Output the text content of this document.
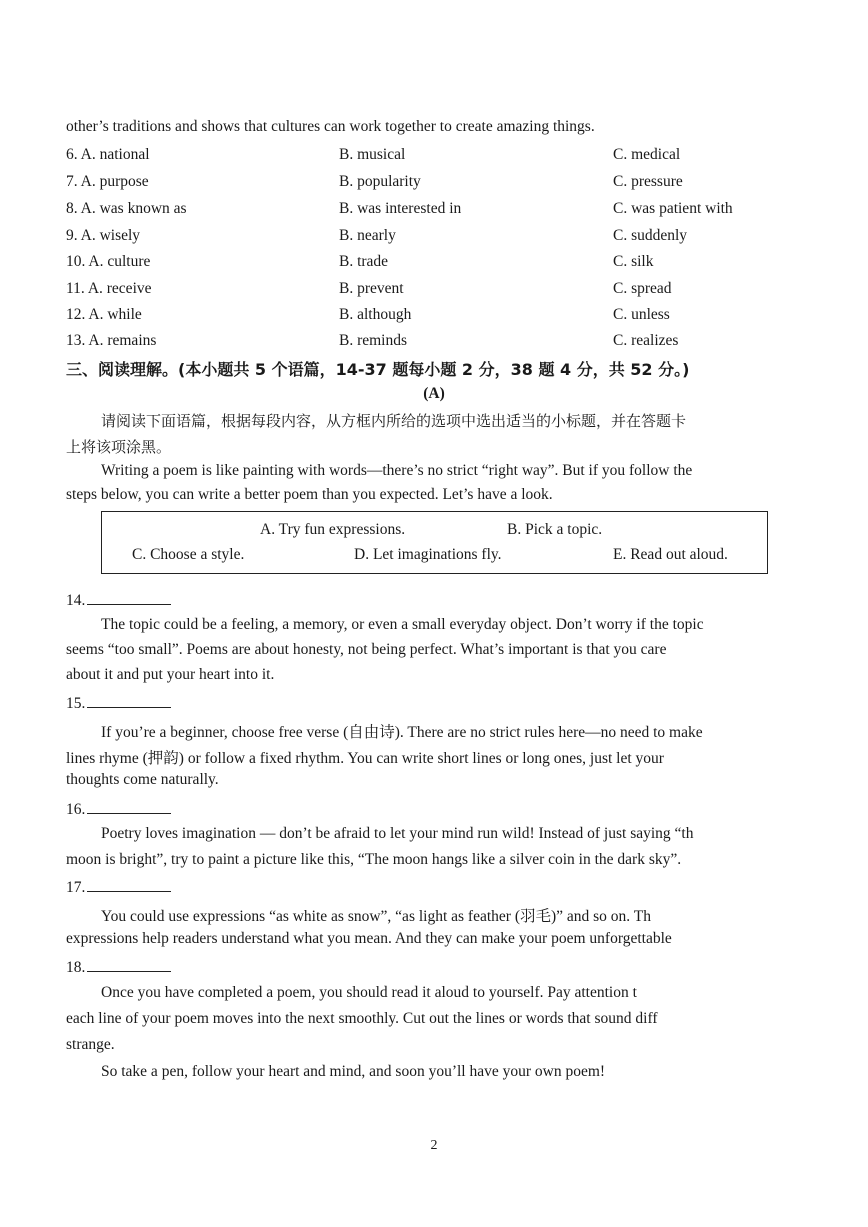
other’s traditions and shows that cultures can work together to create amazing things.
6. A. national	B. musical	C. medical
7. A. purpose	B. popularity	C. pressure
8. A. was known as	B. was interested in	C. was patient with
9. A. wisely	B. nearly	C. suddenly
10. A. culture	B. trade	C. silk
11. A. receive	B. prevent	C. spread
12. A. while	B. although	C. unless
13. A. remains	B. reminds	C. realizes
三、阅读理解。(本小题共 5 个语篇，14-37 题每小题 2 分，38 题 4 分，共 52 分。)
(A)
请阅读下面语篇，根据每段内容，从方框内所给的选项中选出适当的小标题，并在答题卡
上将该项涂黑。
Writing a poem is like painting with words—there’s no strict “right way”. But if you follow the
steps below, you can write a better poem than you expected. Let’s have a look.
A. Try fun expressions.	B. Pick a topic.
C. Choose a style.	D. Let imaginations fly.	E. Read out aloud.
14.
The topic could be a feeling, a memory, or even a small everyday object. Don’t worry if the topic
seems “too small”. Poems are about honesty, not being perfect. What’s important is that you care
about it and put your heart into it.
15.
If you’re a beginner, choose free verse (自由诗). There are no strict rules here—no need to make
lines rhyme (押韵) or follow a fixed rhythm. You can write short lines or long ones, just let your
thoughts come naturally.
16.
Poetry loves imagination — don’t be afraid to let your mind run wild! Instead of just saying “th
moon is bright”, try to paint a picture like this, “The moon hangs like a silver coin in the dark sky”.
17.
You could use expressions “as white as snow”, “as light as feather (羽毛)” and so on. Th
expressions help readers understand what you mean. And they can make your poem unforgettable
18.
Once you have completed a poem, you should read it aloud to yourself. Pay attention t
each line of your poem moves into the next smoothly. Cut out the lines or words that sound diff
strange.
So take a pen, follow your heart and mind, and soon you’ll have your own poem!
2
